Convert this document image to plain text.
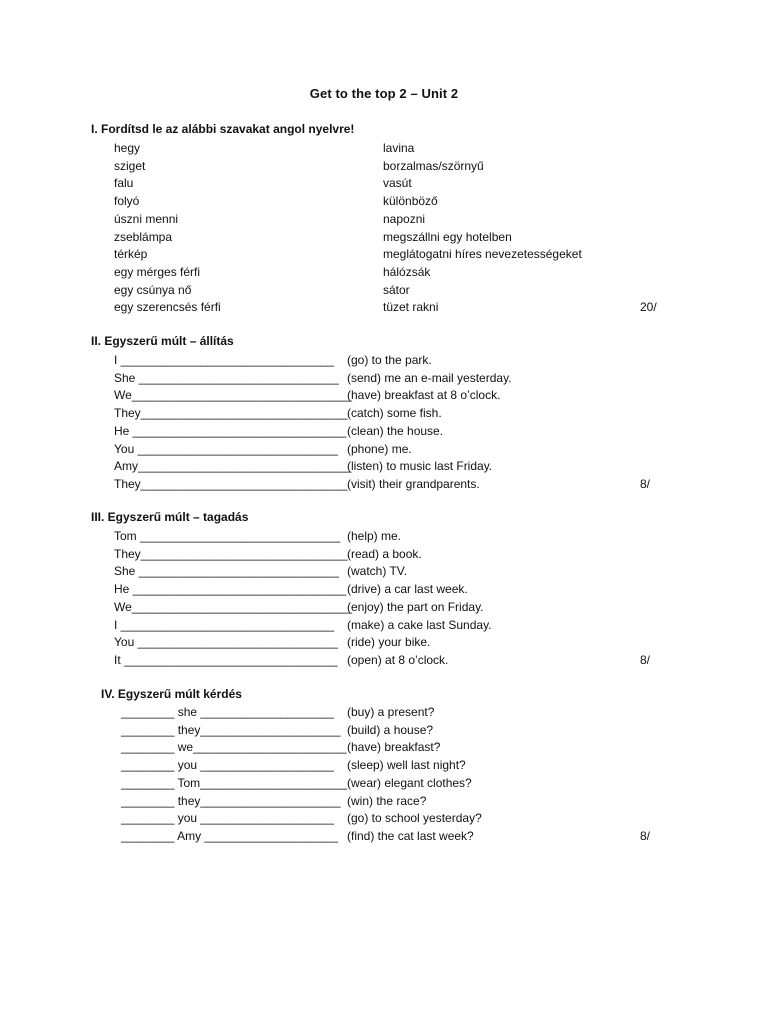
Get to the top 2 – Unit 2
I. Fordítsd le az alábbi szavakat angol nyelvre!
hegy	lavina
sziget	borzalmas/szörnyű
falu	vasút
folyó	különböző
úszni menni	napozni
zseblámpa	megszállni egy hotelben
térkép	meglátogatni híres nevezetességeket
egy mérges férfi	hálózsák
egy csúnya nő	sátor
egy szerencsés férfi	tüzet rakni	20/
II. Egyszerű múlt – állítás
I ________________________________ (go) to the park.
She ______________________________ (send) me an e-mail yesterday.
We_________________________________
(have) breakfast at 8 o’clock.
They_______________________________ (catch) some fish.
He ________________________________ (clean) the house.
You ______________________________ (phone) me.
Amy________________________________
(listen) to music last Friday.
They_______________________________ (visit) their grandparents.	8/
III. Egyszerű múlt – tagadás
Tom ______________________________ (help) me.
They_______________________________ (read) a book.
She ______________________________ (watch) TV.
He ________________________________ (drive) a car last week.
We_________________________________
(enjoy) the part on Friday.
I ________________________________ (make) a cake last Sunday.
You ______________________________ (ride) your bike.
It ________________________________ (open) at 8 o’clock.	8/
IV. Egyszerű múlt kérdés
________ she ____________________ (buy) a present?
________ they_____________________ (build) a house?
________ we_______________________ (have) breakfast?
________ you ____________________ (sleep) well last night?
________ Tom______________________ (wear) elegant clothes?
________ they_____________________ (win) the race?
________ you ____________________ (go) to school yesterday?
________ Amy ____________________ (find) the cat last week?	8/
